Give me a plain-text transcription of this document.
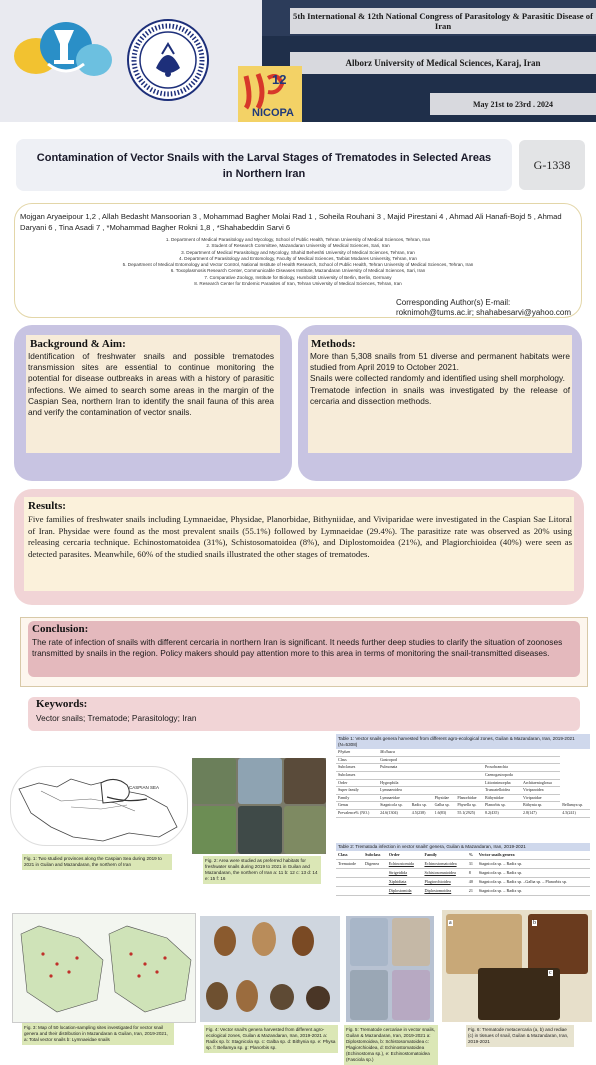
5th International & 12th National Congress of Parasitology & Parasitic Disease of Iran
Alborz University of Medical Sciences, Karaj, Iran
May 21st to 23rd . 2024
12
NICOPA
Contamination of Vector Snails with the Larval Stages of Trematodes in Selected Areas in Northern Iran
G-1338
Mojgan Aryaeipour 1,2 , Allah Bedasht Mansoorian 3 , Mohammad Bagher Molai Rad 1 , Soheila Rouhani 3 , Majid Pirestani 4 , Ahmad Ali Hanafi-Bojd 5 , Ahmad Daryani 6 , Tina Asadi 7 , *Mohammad Bagher Rokni 1,8 , *Shahabeddin Sarvi 6
1. Department of Medical Parasitology and Mycology, School of Public Health, Tehran University of Medical Sciences, Tehran, Iran
2. Student of Research Committee, Mazandaran University of Medical Sciences, Sari, Iran
3. Department of Medical Parasitology and Mycology, Shahid Beheshti University of Medical Sciences, Tehran, Iran
4. Department of Parasitology and Entomology, Faculty of Medical Sciences, Tarbiat Modares University, Tehran, Iran
5. Department of Medical Entomology and Vector Control, National Institute of Health Research, School of Public Health, Tehran University of Medical Sciences, Tehran, Iran
6. Toxoplasmosis Research Center, Communicable Diseases Institute, Mazandaran University of Medical Sciences, Sari, Iran
7. Comparative Zoology, Institute for Biology, Humboldt University of Berlin, Berlin, Germany
8. Research Center for Endemic Parasites of Iran, Tehran University of Medical Sciences, Tehran, Iran
Corresponding Author(s) E-mail:
roknimoh@tums.ac.ir; shahabesarvi@yahoo.com
Background & Aim:
Identification of freshwater snails and possible trematodes transmission sites are essential to continue monitoring the potential for disease outbreaks in areas with a history of parasitic infections. We aimed to search some areas in the margin of the Caspian Sea, northern Iran to identify the snail fauna of this area and verify the contamination of vector snails.
Methods:
More than 5,308 snails from 51 diverse and permanent habitats were studied from April 2019 to October 2021.
Snails were collected randomly and identified using shell morphology.
Trematode infection in snails was investigated by the release of cercaria and dissection methods.
Results:
Five families of freshwater snails including Lymnaeidae, Physidae, Planorbidae, Bithyniidae, and Viviparidae were investigated in the Caspian Sae Litoral of Iran. Physidae were found as the most prevalent snails (55.1%) followed by Lymnaeidae (29.4%). The parasitize rate was observed as 20% using releasing cercaria technique. Echinostomatoidea (31%), Schistosomatoidea (8%), and Diplostomoidea (21%), and Plagiorchioidea (40%) were seen as detected parasites. Meanwhile, 60% of the studied snails illustrated the other stages of trematodes.
Conclusion:
The rate of infection of snails with different cercaria in northern Iran is significant. It needs further deep studies to clarify the situation of zoonoses transmitted by snails in the region. Policy makers should pay attention more to this area in terms of monitoring the snail-transmitted diseases.
Keywords:
Vector snails; Trematode; Parasitology; Iran
CASPIAN SEA
Fig. 1: Two studied provinces along the Caspian Sea during 2019 to 2021 in Guilan and Mazandaran, the northern of Iran
Fig. 2: Area were studied as preferred habitats for freshwater snails during 2019 to 2021 in Guilan and Mazandaran, the northern of Iran a: 11 b: 12 c: 13 d: 14 e: 15 f: 16
Table 1: Vector snails genera harvested from different agro-ecological zones, Guilan & Mazandaran, Iran, 2019-2021 (N=5308)
Phylum	Mollusca						
Class	Gastropod						
Subclasses	Pulmonata				Prosobranchia		
Subclasses					Caenogastropoda		
Order	Hygrophila				Littorinimorpha	Architaenioglossa	
Super family	Lymnaeoidea				Truncatelloidea	Viviparoidea	
Family	Lymnaeidae		Physidae	Planorbidae	Bithyniidae	Viviparidae	
Genus	Stagnicola sp.	Radix sp.	Galba sp.	Physella sp.	Planorbis sp.	Bithynia sp.	Bellamya sp.
Prevalence% (NO.)	24.6(1304)	4.5(238)	1.6(83)	55.1(2925)	8.2(435)	2.8(147)	4.5(241)
Table 2: Trematoda infection in vector snails' genera, Guilan & Mazandaran, Iran, 2019-2021
Class	Subclass	Order	Family	%	Vector snails genera
Trematode	Digenea	Echinostomida	Echinostomatoidea	31	Stagnicola sp. – Radix sp.
		Strigeidida	Schistosomatoidea	8	Stagnicola sp. – Radix sp.
		Xiphidiata	Plagiorchioidea	40	Stagnicola sp. – Radix sp. –Galba sp. – Planorbis sp.
		Diplostomida	Diplostomoidea	21	Stagnicola sp. – Radix sp.
Fig. 3: Map of 50 location-sampling sites investigated for vector snail genera and their distribution in Mazandaran & Guilan, Iran, 2019-2021, a: Total vector snails b: Lymnaeidae snails
Fig. 4: Vector snail's genera harvested from different agro-ecological zones, Guilan & Mazandaran, Iran, 2019-2021 a: Radix sp. b: Stagnicola sp. c: Galba sp. d: Bithynia sp. e: Physa sp. f: Bellamya sp. g: Planorbis sp.
Fig. 5: Trematode cercariae in vector snails, Guilan & Mazandaran, Iran, 2019-2021 a: Diplostomoidea, b: Schistosomatoidea c: Plagiorchioidea, d: Echinostomatoidea (Echinostoma sp.), e: Echinostomatoidea (Fasciola sp.)
a	b
c
Fig. 6: Trematode metacercaria (a, b) and rediae (c) in tissues of snail, Guilan & Mazandaran, Iran, 2019-2021
